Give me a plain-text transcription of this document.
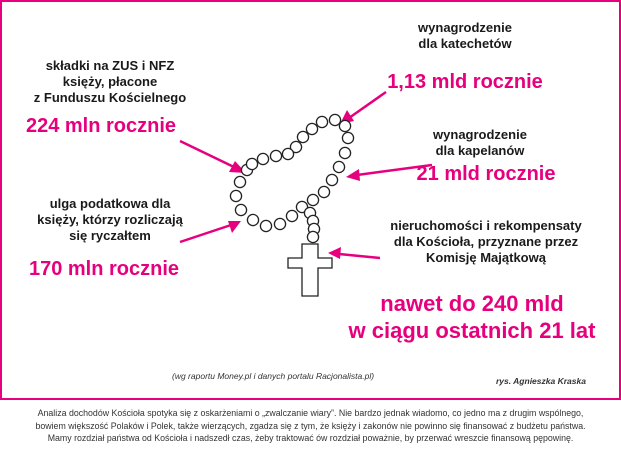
składki na ZUS i NFZ
księży, płacone
z Funduszu Kościelnego
224 mln rocznie
ulga podatkowa dla
księży, którzy rozliczają
się ryczałtem
170 mln rocznie
wynagrodzenie
dla katechetów
1,13 mld rocznie
wynagrodzenie
dla kapelanów
21 mld rocznie
nieruchomości i rekompensaty
dla Kościoła, przyznane przez
Komisję Majątkową
nawet do 240 mld
w ciągu ostatnich 21 lat
(wg raportu Money.pl i danych portalu Racjonalista.pl)	rys. Agnieszka Kraska
Analiza dochodów Kościoła spotyka się z oskarżeniami o „zwalczanie wiary”. Nie bardzo jednak wiadomo, co jedno ma z drugim wspólnego,
bowiem większość Polaków i Polek, także wierzących, zgadza się z tym, że księży i zakonów nie powinno się finansować z budżetu państwa.
Mamy rozdział państwa od Kościoła i nadszedł czas, żeby traktować ów rozdział poważnie, by przerwać wreszcie finansową pępowinę.
